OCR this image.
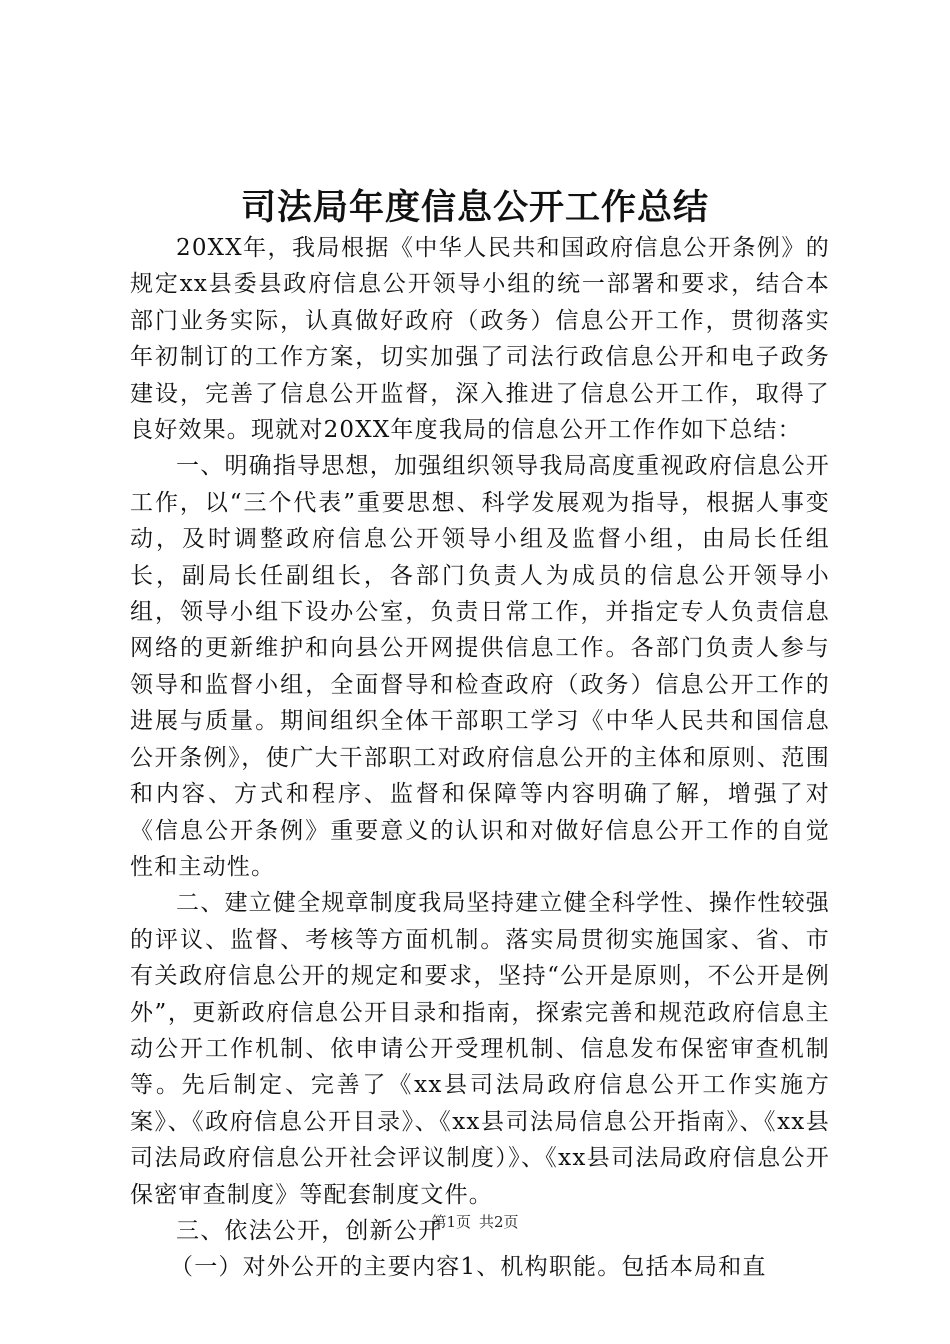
司法局年度信息公开工作总结

20XX年，我局根据《中华人民共和国政府信息公开条例》的规定xx县委县政府信息公开领导小组的统一部署和要求，结合本部门业务实际，认真做好政府（政务）信息公开工作，贯彻落实年初制订的工作方案，切实加强了司法行政信息公开和电子政务建设，完善了信息公开监督，深入推进了信息公开工作，取得了良好效果。现就对20XX年度我局的信息公开工作作如下总结：

一、明确指导思想，加强组织领导我局高度重视政府信息公开工作，以“三个代表”重要思想、科学发展观为指导，根据人事变动，及时调整政府信息公开领导小组及监督小组，由局长任组长，副局长任副组长，各部门负责人为成员的信息公开领导小组，领导小组下设办公室，负责日常工作，并指定专人负责信息网络的更新维护和向县公开网提供信息工作。各部门负责人参与领导和监督小组，全面督导和检查政府（政务）信息公开工作的进展与质量。期间组织全体干部职工学习《中华人民共和国信息公开条例》，使广大干部职工对政府信息公开的主体和原则、范围和内容、方式和程序、监督和保障等内容明确了解，增强了对《信息公开条例》重要意义的认识和对做好信息公开工作的自觉性和主动性。

二、建立健全规章制度我局坚持建立健全科学性、操作性较强的评议、监督、考核等方面机制。落实局贯彻实施国家、省、市有关政府信息公开的规定和要求，坚持“公开是原则，不公开是例外”，更新政府信息公开目录和指南，探索完善和规范政府信息主动公开工作机制、依申请公开受理机制、信息发布保密审查机制等。先后制定、完善了《xx县司法局政府信息公开工作实施方案》、《政府信息公开目录》、《xx县司法局信息公开指南》、《xx县司法局政府信息公开社会评议制度）》、《xx县司法局政府信息公开保密审查制度》等配套制度文件。

三、依法公开，创新公开

（一）对外公开的主要内容1、机构职能。包括本局和直

第1页 共2页
